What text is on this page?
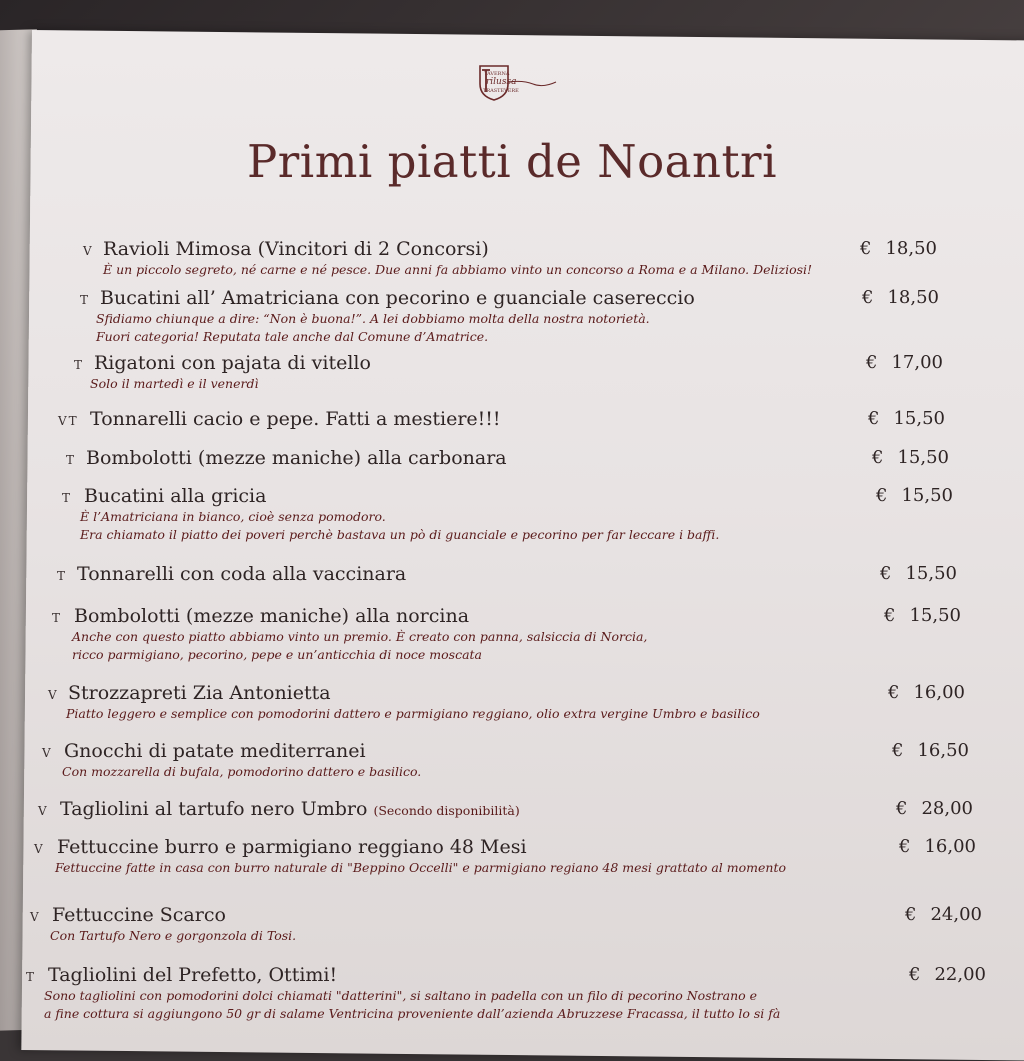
TAVERNA
rilussa
TRASTEVERE
Primi piatti de Noantri
V Ravioli Mimosa (Vincitori di 2 Concorsi)
È un piccolo segreto, né carne e né pesce. Due anni fa abbiamo vinto un concorso a Roma e a Milano. Deliziosi!
€ 18,50
T Bucatini all’ Amatriciana con pecorino e guanciale casereccio
Sfidiamo chiunque a dire: “Non è buona!”. A lei dobbiamo molta della nostra notorietà.
Fuori categoria! Reputata tale anche dal Comune d’Amatrice.
€ 18,50
T Rigatoni con pajata di vitello
Solo il martedì e il venerdì
€ 17,00
VT Tonnarelli cacio e pepe. Fatti a mestiere!!!	€ 15,50
T Bombolotti (mezze maniche) alla carbonara	€ 15,50
T Bucatini alla gricia
È l’Amatriciana in bianco, cioè senza pomodoro.
Era chiamato il piatto dei poveri perchè bastava un pò di guanciale e pecorino per far leccare i baffi.
€ 15,50
T Tonnarelli con coda alla vaccinara	€ 15,50
T Bombolotti (mezze maniche) alla norcina
Anche con questo piatto abbiamo vinto un premio. È creato con panna, salsiccia di Norcia,
ricco parmigiano, pecorino, pepe e un’anticchia di noce moscata
€ 15,50
V Strozzapreti Zia Antonietta
Piatto leggero e semplice con pomodorini dattero e parmigiano reggiano, olio extra vergine Umbro e basilico
€ 16,00
V Gnocchi di patate mediterranei
Con mozzarella di bufala, pomodorino dattero e basilico.
€ 16,50
V Tagliolini al tartufo nero Umbro (Secondo disponibilità)	€ 28,00
V Fettuccine burro e parmigiano reggiano 48 Mesi
Fettuccine fatte in casa con burro naturale di "Beppino Occelli" e parmigiano regiano 48 mesi grattato al momento
€ 16,00
V Fettuccine Scarco
Con Tartufo Nero e gorgonzola di Tosi.
€ 24,00
T Tagliolini del Prefetto, Ottimi!
Sono tagliolini con pomodorini dolci chiamati "datterini", si saltano in padella con un filo di pecorino Nostrano e
a fine cottura si aggiungono 50 gr di salame Ventricina proveniente dall’azienda Abruzzese Fracassa, il tutto lo si fà
€ 22,00
